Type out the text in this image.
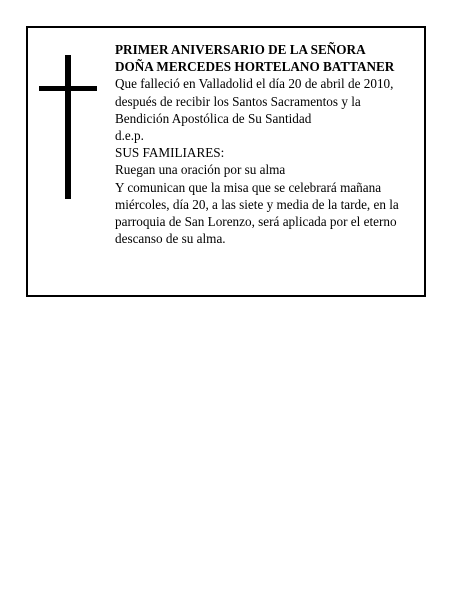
PRIMER ANIVERSARIO DE LA SEÑORA
DOÑA MERCEDES HORTELANO BATTANER
Que falleció en Valladolid el día 20 de abril de 2010,
después de recibir los Santos Sacramentos y la
Bendición Apostólica de Su Santidad
d.e.p.
SUS FAMILIARES:
Ruegan una oración por su alma
Y comunican que la misa que se celebrará mañana
miércoles, día 20, a las siete y media de la tarde, en la
parroquia de San Lorenzo, será aplicada por el eterno
descanso de su alma.
